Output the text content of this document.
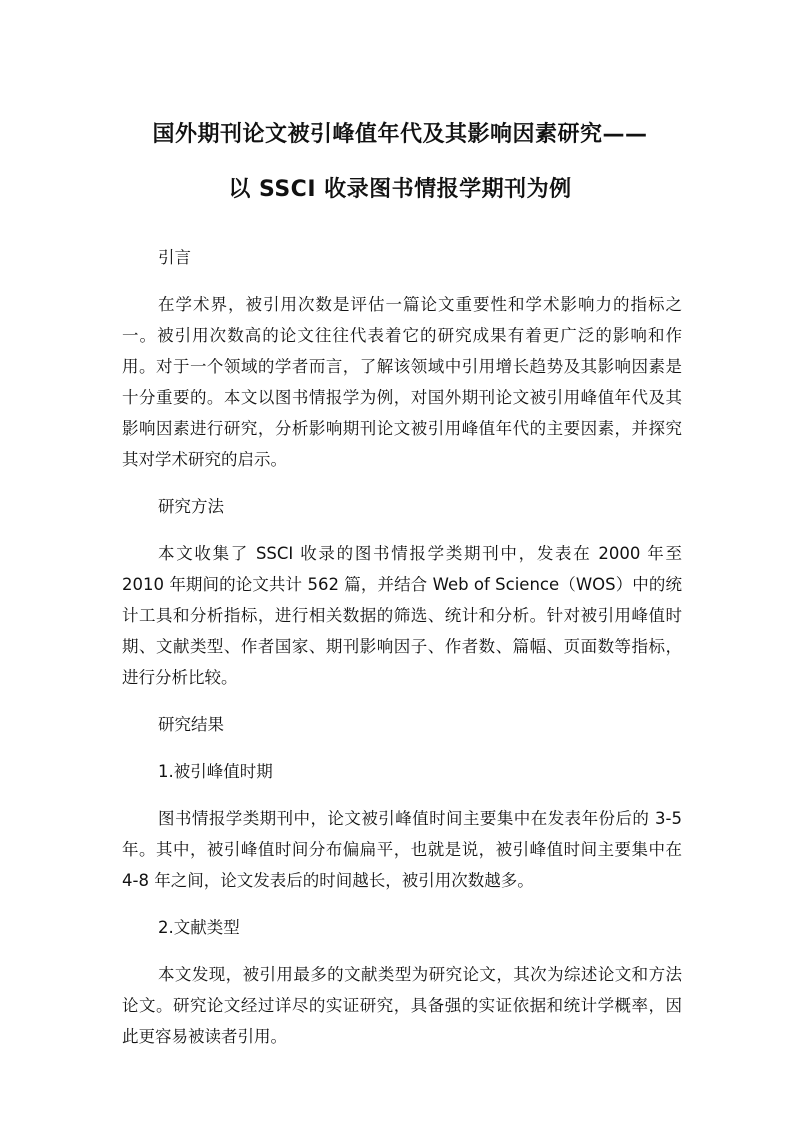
国外期刊论文被引峰值年代及其影响因素研究——
以 SSCI 收录图书情报学期刊为例
引言
在学术界，被引用次数是评估一篇论文重要性和学术影响力的指标之一。被引用次数高的论文往往代表着它的研究成果有着更广泛的影响和作用。对于一个领域的学者而言，了解该领域中引用增长趋势及其影响因素是十分重要的。本文以图书情报学为例，对国外期刊论文被引用峰值年代及其影响因素进行研究，分析影响期刊论文被引用峰值年代的主要因素，并探究其对学术研究的启示。
研究方法
本文收集了 SSCI 收录的图书情报学类期刊中，发表在 2000 年至 2010 年期间的论文共计 562 篇，并结合 Web of Science（WOS）中的统计工具和分析指标，进行相关数据的筛选、统计和分析。针对被引用峰值时期、文献类型、作者国家、期刊影响因子、作者数、篇幅、页面数等指标，进行分析比较。
研究结果
1.被引峰值时期
图书情报学类期刊中，论文被引峰值时间主要集中在发表年份后的 3-5 年。其中，被引峰值时间分布偏扁平，也就是说，被引峰值时间主要集中在 4-8 年之间，论文发表后的时间越长，被引用次数越多。
2.文献类型
本文发现，被引用最多的文献类型为研究论文，其次为综述论文和方法论文。研究论文经过详尽的实证研究，具备强的实证依据和统计学概率，因此更容易被读者引用。
